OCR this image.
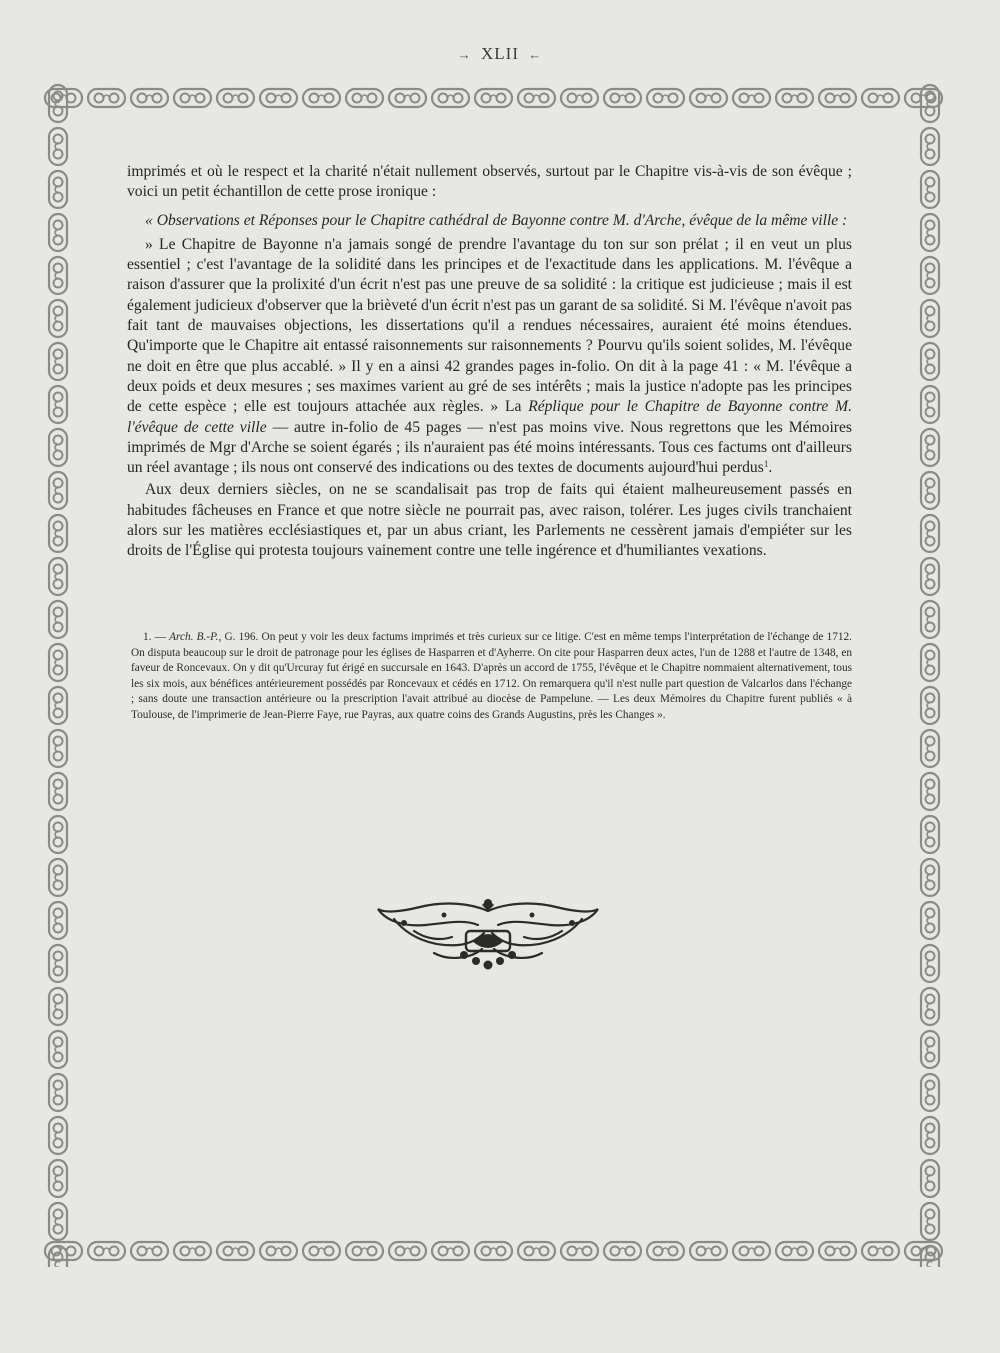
→ XLII ←

imprimés et où le respect et la charité n'était nullement observés, surtout par le Chapitre vis-à-vis de son évêque ; voici un petit échantillon de cette prose ironique :

« Observations et Réponses pour le Chapitre cathédral de Bayonne contre M. d'Arche, évêque de la même ville :

» Le Chapitre de Bayonne n'a jamais songé de prendre l'avantage du ton sur son prélat ; il en veut un plus essentiel ; c'est l'avantage de la solidité dans les principes et de l'exactitude dans les applications. M. l'évêque a raison d'assurer que la prolixité d'un écrit n'est pas une preuve de sa solidité : la critique est judicieuse ; mais il est également judicieux d'observer que la brièveté d'un écrit n'est pas un garant de sa solidité. Si M. l'évêque n'avoit pas fait tant de mauvaises objections, les dissertations qu'il a rendues nécessaires, auraient été moins étendues. Qu'importe que le Chapitre ait entassé raisonnements sur raisonnements ? Pourvu qu'ils soient solides, M. l'évêque ne doit en être que plus accablé. » Il y en a ainsi 42 grandes pages in-folio. On dit à la page 41 : « M. l'évêque a deux poids et deux mesures ; ses maximes varient au gré de ses intérêts ; mais la justice n'adopte pas les principes de cette espèce ; elle est toujours attachée aux règles. » La Réplique pour le Chapitre de Bayonne contre M. l'évêque de cette ville — autre in-folio de 45 pages — n'est pas moins vive. Nous regrettons que les Mémoires imprimés de Mgr d'Arche se soient égarés ; ils n'auraient pas été moins intéressants. Tous ces factums ont d'ailleurs un réel avantage ; ils nous ont conservé des indications ou des textes de documents aujourd'hui perdus$^1$.

Aux deux derniers siècles, on ne se scandalisait pas trop de faits qui étaient malheureusement passés en habitudes fâcheuses en France et que notre siècle ne pourrait pas, avec raison, tolérer. Les juges civils tranchaient alors sur les matières ecclésiastiques et, par un abus criant, les Parlements ne cessèrent jamais d'empiéter sur les droits de l'Église qui protesta toujours vainement contre une telle ingérence et d'humiliantes vexations.

1. — Arch. B.-P., G. 196. On peut y voir les deux factums imprimés et très curieux sur ce litige. C'est en même temps l'interprétation de l'échange de 1712. On disputa beaucoup sur le droit de patronage pour les églises de Hasparren et d'Ayherre. On cite pour Hasparren deux actes, l'un de 1288 et l'autre de 1348, en faveur de Roncevaux. On y dit qu'Urcuray fut érigé en succursale en 1643. D'après un accord de 1755, l'évêque et le Chapitre nommaient alternativement, tous les six mois, aux bénéfices antérieurement possédés par Roncevaux et cédés en 1712. On remarquera qu'il n'est nulle part question de Valcarlos dans l'échange ; sans doute une transaction antérieure ou la prescription l'avait attribué au diocèse de Pampelune. — Les deux Mémoires du Chapitre furent publiés « à Toulouse, de l'imprimerie de Jean-Pierre Faye, rue Payras, aux quatre coins des Grands Augustins, près les Changes ».
